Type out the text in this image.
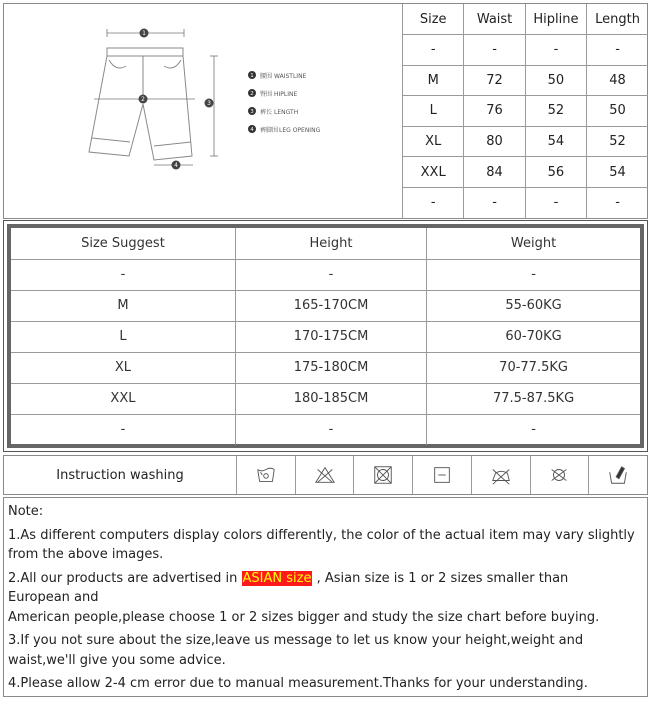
1
2
3
4
1
2
3
4
腰围
臀围
裤长
裤脚围
WAISTLINE
HIPLINE
LENGTH
LEG OPENING
Size	Waist	Hipline	Length
-	-	-	-
M	72	50	48
L	76	52	50
XL	80	54	52
XXL	84	56	54
-	-	-	-
Size Suggest	Height	Weight
-	-	-
M	165-170CM	55-60KG
L	170-175CM	60-70KG
XL	175-180CM	70-77.5KG
XXL	180-185CM	77.5-87.5KG
-	-	-
Instruction washing

Note:

1.As different computers display colors differently, the color of the actual item may vary slightly from the above images.

2.All our products are advertised in ASIAN size , Asian size is 1 or 2 sizes smaller than

European and

American people,please choose 1 or 2 sizes bigger and study the size chart before buying.

3.If you not sure about the size,leave us message to let us know your height,weight and waist,we'll give you some advice.

4.Please allow 2-4 cm error due to manual measurement.Thanks for your understanding.
